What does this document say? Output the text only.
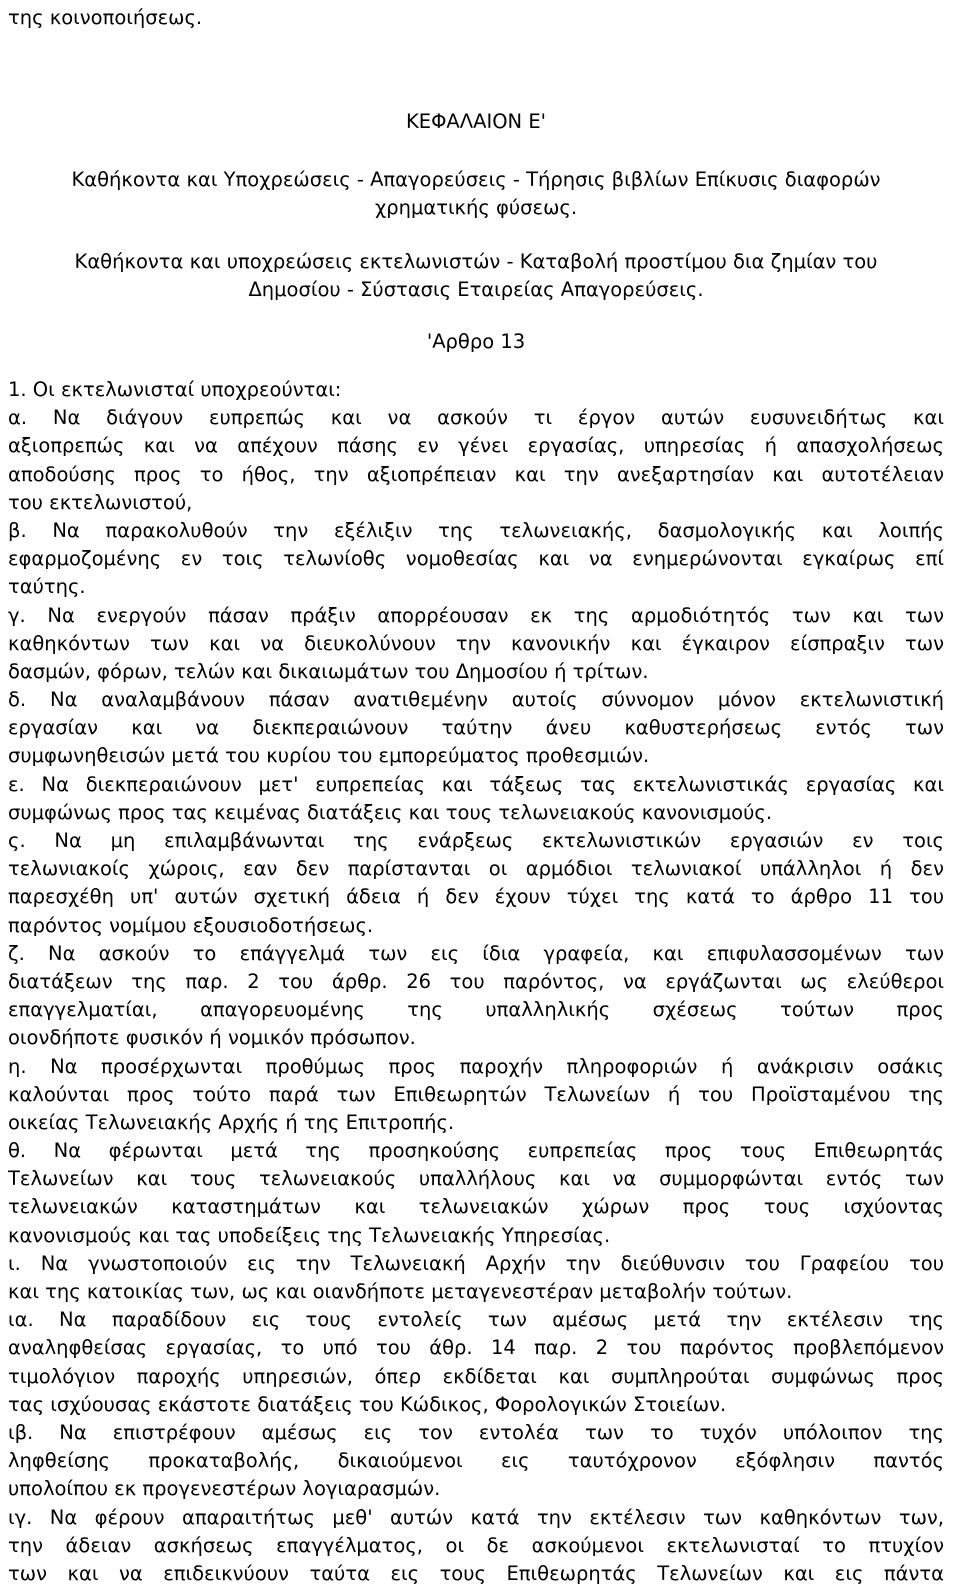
της κοινοποιήσεως.
ΚΕΦΑΛΑΙΟΝ Ε'
Καθήκοντα και Υποχρεώσεις - Απαγορεύσεις - Τήρησις βιβλίων Επίκυσις διαφορών
χρηματικής φύσεως.
Καθήκοντα και υποχρεώσεις εκτελωνιστών - Καταβολή προστίμου δια ζημίαν του
Δημοσίου - Σύστασις Εταιρείας Απαγορεύσεις.
'Αρθρο 13
1. Οι εκτελωνισταί υποχρεούνται:
α. Να διάγουν ευπρεπώς και να ασκούν τι έργον αυτών ευσυνειδήτως και
αξιοπρεπώς και να απέχουν πάσης εν γένει εργασίας, υπηρεσίας ή απασχολήσεως
αποδούσης προς το ήθος, την αξιοπρέπειαν και την ανεξαρτησίαν και αυτοτέλειαν
του εκτελωνιστού,
β. Να παρακολυθούν την εξέλιξιν της τελωνειακής, δασμολογικής και λοιπής
εφαρμοζομένης εν τοις τελωνίοθς νομοθεσίας και να ενημερώνονται εγκαίρως επί
ταύτης.
γ. Να ενεργούν πάσαν πράξιν απορρέουσαν εκ της αρμοδιότητός των και των
καθηκόντων των και να διευκολύνουν την κανονικήν και έγκαιρον είσπραξιν των
δασμών, φόρων, τελών και δικαιωμάτων του Δημοσίου ή τρίτων.
δ. Να αναλαμβάνουν πάσαν ανατιθεμένην αυτοίς σύννομον μόνον εκτελωνιστική
εργασίαν και να διεκπεραιώνουν ταύτην άνευ καθυστερήσεως εντός των
συμφωνηθεισών μετά του κυρίου του εμπορεύματος προθεσμιών.
ε. Να διεκπεραιώνουν μετ' ευπρεπείας και τάξεως τας εκτελωνιστικάς εργασίας και
συμφώνως προς τας κειμένας διατάξεις και τους τελωνειακούς κανονισμούς.
ς. Να μη επιλαμβάνωνται της ενάρξεως εκτελωνιστικών εργασιών εν τοις
τελωνιακοίς χώροις, εαν δεν παρίστανται οι αρμόδιοι τελωνιακοί υπάλληλοι ή δεν
παρεσχέθη υπ' αυτών σχετική άδεια ή δεν έχουν τύχει της κατά το άρθρο 11 του
παρόντος νομίμου εξουσιοδοτήσεως.
ζ. Να ασκούν το επάγγελμά των εις ίδια γραφεία, και επιφυλασσομένων των
διατάξεων της παρ. 2 του άρθρ. 26 του παρόντος, να εργάζωνται ως ελεύθεροι
επαγγελματίαι, απαγορευομένης της υπαλληλικής σχέσεως τούτων προς
οιονδήποτε φυσικόν ή νομικόν πρόσωπον.
η. Να προσέρχωνται προθύμως προς παροχήν πληροφοριών ή ανάκρισιν οσάκις
καλούνται προς τούτο παρά των Επιθεωρητών Τελωνείων ή του Προϊσταμένου της
οικείας Τελωνειακής Αρχής ή της Επιτροπής.
θ. Να φέρωνται μετά της προσηκούσης ευπρεπείας προς τους Επιθεωρητάς
Τελωνείων και τους τελωνειακούς υπαλλήλους και να συμμορφώνται εντός των
τελωνειακών καταστημάτων και τελωνειακών χώρων προς τους ισχύοντας
κανονισμούς και τας υποδείξεις της Τελωνειακής Υπηρεσίας.
ι. Να γνωστοποιούν εις την Τελωνειακή Αρχήν την διεύθυνσιν του Γραφείου του
και της κατοικίας των, ως και οιανδήποτε μεταγενεστέραν μεταβολήν τούτων.
ια. Να παραδίδουν εις τους εντολείς των αμέσως μετά την εκτέλεσιν της
αναληφθείσας εργασίας, το υπό του άθρ. 14 παρ. 2 του παρόντος προβλεπόμενον
τιμολόγιον παροχής υπηρεσιών, όπερ εκδίδεται και συμπληρούται συμφώνως προς
τας ισχύουσας εκάστοτε διατάξεις του Κώδικος, Φορολογικών Στοιείων.
ιβ. Να επιστρέφουν αμέσως εις τον εντολέα των το τυχόν υπόλοιπον της
ληφθείσης προκαταβολής, δικαιούμενοι εις ταυτόχρονον εξόφλησιν παντός
υπολοίπου εκ προγενεστέρων λογιαρασμών.
ιγ. Να φέρουν απαραιτήτως μεθ' αυτών κατά την εκτέλεσιν των καθηκόντων των,
την άδειαν ασκήσεως επαγγέλματος, οι δε ασκούμενοι εκτελωνισταί το πτυχίον
των και να επιδεικνύουν ταύτα εις τους Επιθεωρητάς Τελωνείων και εις πάντα
